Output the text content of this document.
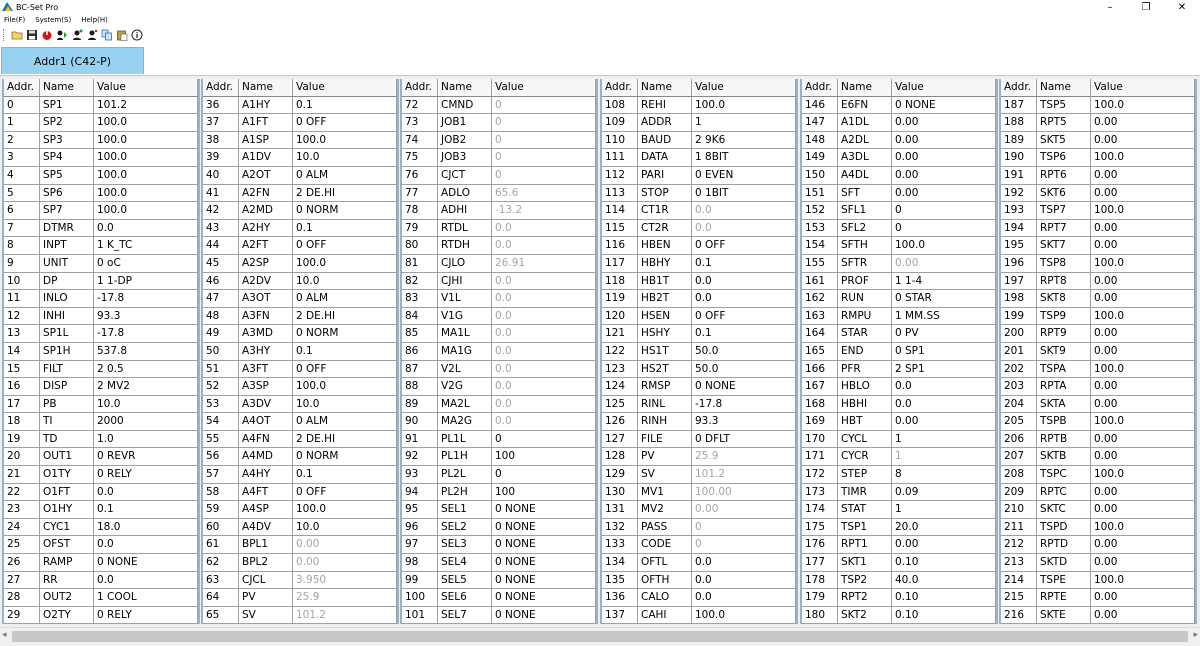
BC-Set Pro	–	❐	✕
File(F) System(S) Help(H)
Addr1 (C42-P)
Addr. Name	Value
0	SP1	101.2
1	SP2	100.0
2	SP3	100.0
3	SP4	100.0
4	SP5	100.0
5	SP6	100.0
6	SP7	100.0
7	DTMR	0.0
8	INPT	1 K_TC
9	UNIT	0 oC
10	DP	1 1-DP
11	INLO	-17.8
12	INHI	93.3
13	SP1L	-17.8
14	SP1H	537.8
15	FILT	2 0.5
16	DISP	2 MV2
17	PB	10.0
18	TI	2000
19	TD	1.0
20	OUT1	0 REVR
21	O1TY	0 RELY
22	O1FT	0.0
23	O1HY	0.1
24	CYC1	18.0
25	OFST	0.0
26	RAMP	0 NONE
27	RR	0.0
28	OUT2	1 COOL
29	O2TY	0 RELY
Addr. Name	Value
36	A1HY	0.1
37	A1FT	0 OFF
38	A1SP	100.0
39	A1DV	10.0
40	A2OT	0 ALM
41	A2FN	2 DE.HI
42	A2MD	0 NORM
43	A2HY	0.1
44	A2FT	0 OFF
45	A2SP	100.0
46	A2DV	10.0
47	A3OT	0 ALM
48	A3FN	2 DE.HI
49	A3MD	0 NORM
50	A3HY	0.1
51	A3FT	0 OFF
52	A3SP	100.0
53	A3DV	10.0
54	A4OT	0 ALM
55	A4FN	2 DE.HI
56	A4MD	0 NORM
57	A4HY	0.1
58	A4FT	0 OFF
59	A4SP	100.0
60	A4DV	10.0
61	BPL1	0.00
62	BPL2	0.00
63	CJCL	3.950
64	PV	25.9
65	SV	101.2
Addr. Name	Value
72	CMND	0
73	JOB1	0
74	JOB2	0
75	JOB3	0
76	CJCT	0
77	ADLO	65.6
78	ADHI	-13.2
79	RTDL	0.0
80	RTDH	0.0
81	CJLO	26.91
82	CJHI	0.0
83	V1L	0.0
84	V1G	0.0
85	MA1L	0.0
86	MA1G	0.0
87	V2L	0.0
88	V2G	0.0
89	MA2L	0.0
90	MA2G	0.0
91	PL1L	0
92	PL1H	100
93	PL2L	0
94	PL2H	100
95	SEL1	0 NONE
96	SEL2	0 NONE
97	SEL3	0 NONE
98	SEL4	0 NONE
99	SEL5	0 NONE
100	SEL6	0 NONE
101	SEL7	0 NONE
Addr. Name	Value
108	REHI	100.0
109	ADDR	1
110	BAUD	2 9K6
111	DATA	1 8BIT
112	PARI	0 EVEN
113	STOP	0 1BIT
114	CT1R	0.0
115	CT2R	0.0
116	HBEN	0 OFF
117	HBHY	0.1
118	HB1T	0.0
119	HB2T	0.0
120	HSEN	0 OFF
121	HSHY	0.1
122	HS1T	50.0
123	HS2T	50.0
124	RMSP	0 NONE
125	RINL	-17.8
126	RINH	93.3
127	FILE	0 DFLT
128	PV	25.9
129	SV	101.2
130	MV1	100.00
131	MV2	0.00
132	PASS	0
133	CODE	0
134	OFTL	0.0
135	OFTH	0.0
136	CALO	0.0
137	CAHI	100.0
Addr. Name	Value
146	E6FN	0 NONE
147	A1DL	0.00
148	A2DL	0.00
149	A3DL	0.00
150	A4DL	0.00
151	SFT	0.00
152	SFL1	0
153	SFL2	0
154	SFTH	100.0
155	SFTR	0.00
161	PROF	1 1-4
162	RUN	0 STAR
163	RMPU	1 MM.SS
164	STAR	0 PV
165	END	0 SP1
166	PFR	2 SP1
167	HBLO	0.0
168	HBHI	0.0
169	HBT	0.00
170	CYCL	1
171	CYCR	1
172	STEP	8
173	TIMR	0.09
174	STAT	1
175	TSP1	20.0
176	RPT1	0.00
177	SKT1	0.10
178	TSP2	40.0
179	RPT2	0.10
180	SKT2	0.10
Addr. Name	Value
187	TSP5	100.0
188	RPT5	0.00
189	SKT5	0.00
190	TSP6	100.0
191	RPT6	0.00
192	SKT6	0.00
193	TSP7	100.0
194	RPT7	0.00
195	SKT7	0.00
196	TSP8	100.0
197	RPT8	0.00
198	SKT8	0.00
199	TSP9	100.0
200	RPT9	0.00
201	SKT9	0.00
202	TSPA	100.0
203	RPTA	0.00
204	SKTA	0.00
205	TSPB	100.0
206	RPTB	0.00
207	SKTB	0.00
208	TSPC	100.0
209	RPTC	0.00
210	SKTC	0.00
211	TSPD	100.0
212	RPTD	0.00
213	SKTD	0.00
214	TSPE	100.0
215	RPTE	0.00
216	SKTE	0.00
◂	▸
